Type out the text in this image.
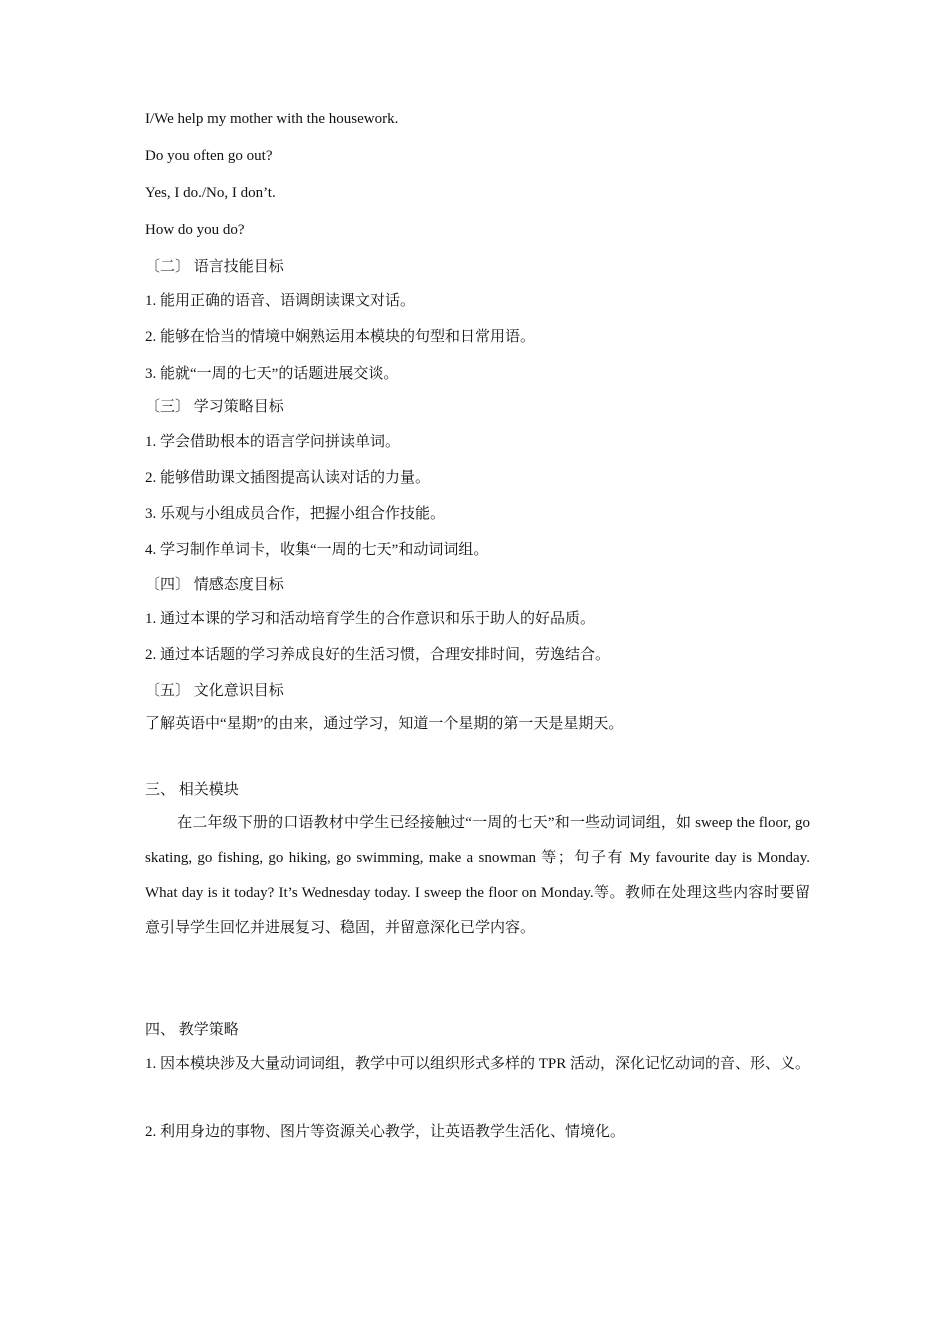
I/We help my mother with the housework.
Do you often go out?
Yes, I do./No, I don’t.
How do you do?
〔二〕 语言技能目标
1. 能用正确的语音、语调朗读课文对话。
2. 能够在恰当的情境中娴熟运用本模块的句型和日常用语。
3. 能就“一周的七天”的话题进展交谈。
〔三〕 学习策略目标
1. 学会借助根本的语言学问拼读单词。
2. 能够借助课文插图提高认读对话的力量。
3. 乐观与小组成员合作，把握小组合作技能。
4. 学习制作单词卡，收集“一周的七天”和动词词组。
〔四〕 情感态度目标
1. 通过本课的学习和活动培育学生的合作意识和乐于助人的好品质。
2. 通过本话题的学习养成良好的生活习惯，合理安排时间，劳逸结合。
〔五〕 文化意识目标
了解英语中“星期”的由来，通过学习，知道一个星期的第一天是星期天。
三、 相关模块
在二年级下册的口语教材中学生已经接触过“一周的七天”和一些动词词组，如 sweep the floor, go skating, go fishing, go hiking, go swimming, make a snowman 等；句子有 My favourite day is Monday. What day is it today? It’s Wednesday today. I sweep the floor on Monday.等。教师在处理这些内容时要留意引导学生回忆并进展复习、稳固，并留意深化已学内容。
四、 教学策略
1. 因本模块涉及大量动词词组，教学中可以组织形式多样的 TPR 活动，深化记忆动词的音、形、义。
2. 利用身边的事物、图片等资源关心教学，让英语教学生活化、情境化。
